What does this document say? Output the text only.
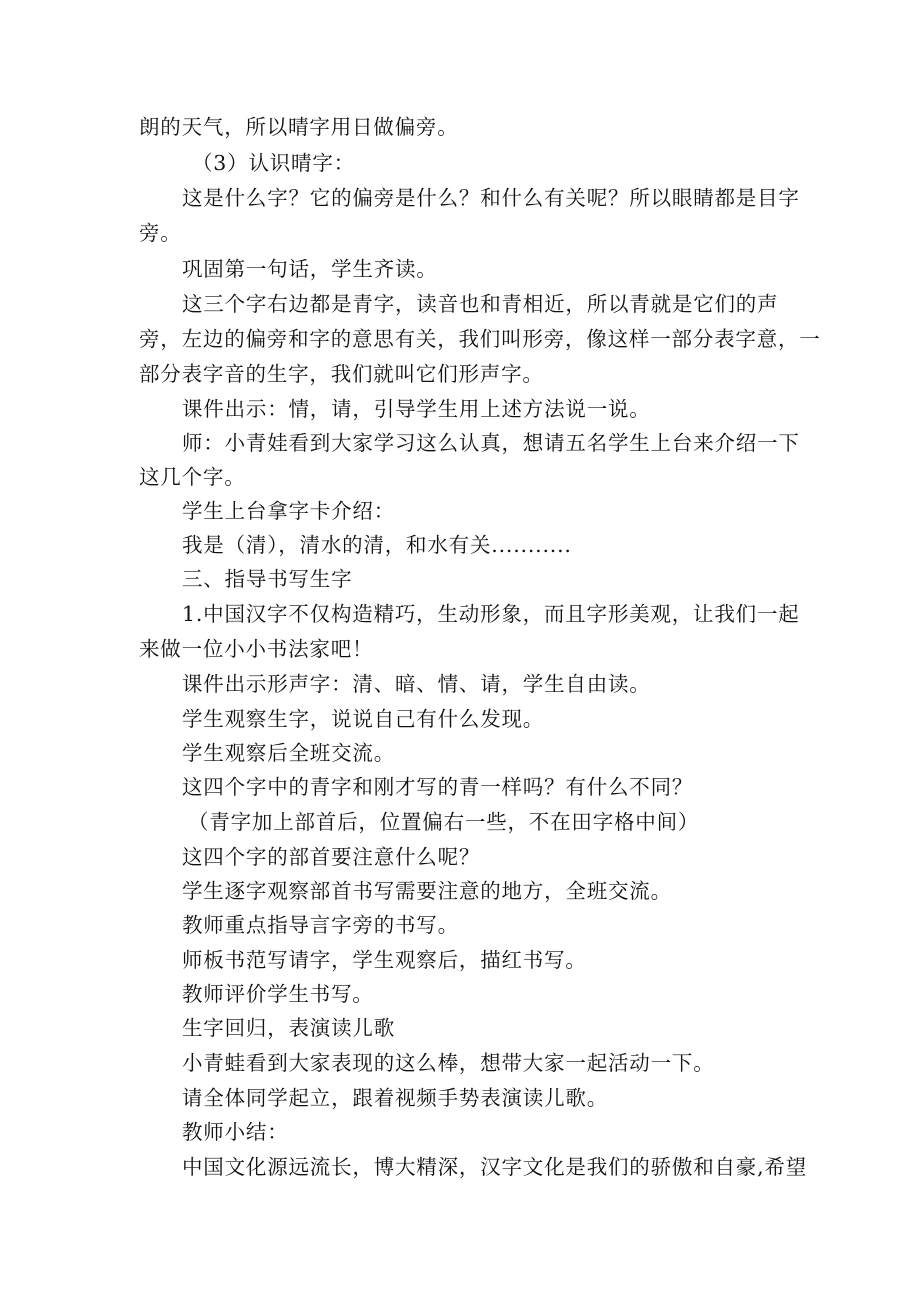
朗的天气，所以晴字用日做偏旁。
（3）认识晴字：
这是什么字？它的偏旁是什么？和什么有关呢？所以眼睛都是目字
旁。
巩固第一句话，学生齐读。
这三个字右边都是青字，读音也和青相近，所以青就是它们的声
旁，左边的偏旁和字的意思有关，我们叫形旁，像这样一部分表字意，一
部分表字音的生字，我们就叫它们形声字。
课件出示：情，请，引导学生用上述方法说一说。
师：小青娃看到大家学习这么认真，想请五名学生上台来介绍一下
这几个字。
学生上台拿字卡介绍：
我是（清），清水的清，和水有关...........
三、指导书写生字
1.中国汉字不仅构造精巧，生动形象，而且字形美观，让我们一起
来做一位小小书法家吧！
课件出示形声字：清、暗、情、请，学生自由读。
学生观察生字，说说自己有什么发现。
学生观察后全班交流。
这四个字中的青字和刚才写的青一样吗？有什么不同？
（青字加上部首后，位置偏右一些，不在田字格中间）
这四个字的部首要注意什么呢？
学生逐字观察部首书写需要注意的地方，全班交流。
教师重点指导言字旁的书写。
师板书范写请字，学生观察后，描红书写。
教师评价学生书写。
生字回归，表演读儿歌
小青蛙看到大家表现的这么棒，想带大家一起活动一下。
请全体同学起立，跟着视频手势表演读儿歌。
教师小结：
中国文化源远流长，博大精深，汉字文化是我们的骄傲和自豪,希望
